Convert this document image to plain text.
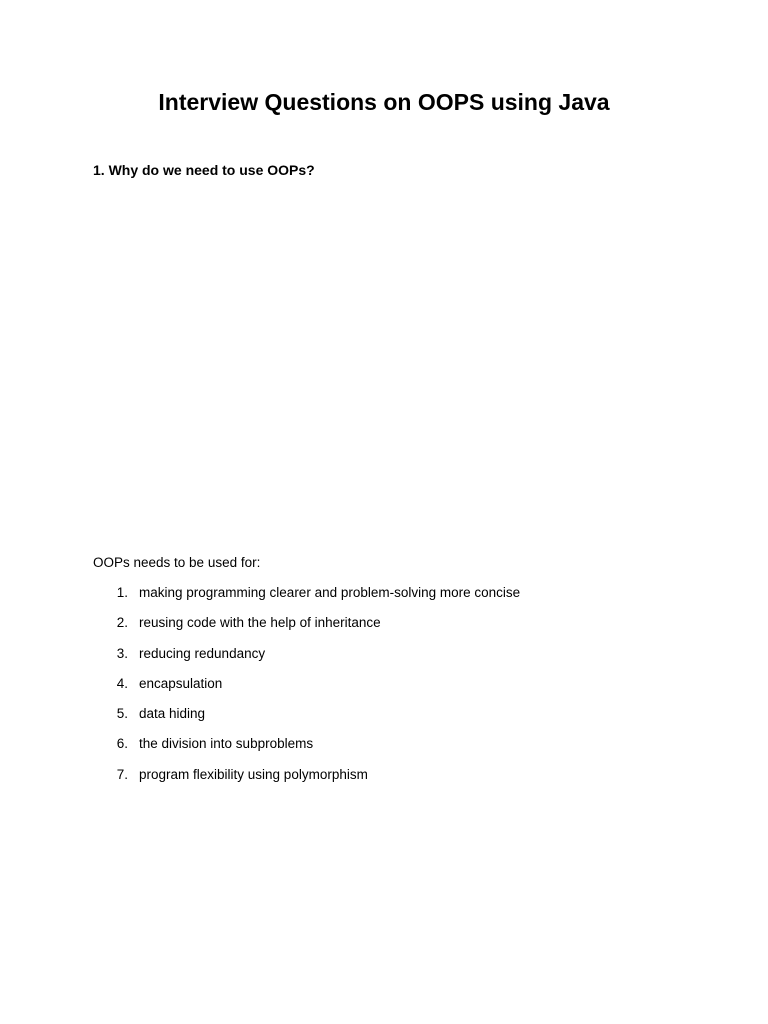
Interview Questions on OOPS using Java
1. Why do we need to use OOPs?

OOPs needs to be used for:

1. making programming clearer and problem-solving more concise
2. reusing code with the help of inheritance
3. reducing redundancy
4. encapsulation
5. data hiding
6. the division into subproblems
7. program flexibility using polymorphism
